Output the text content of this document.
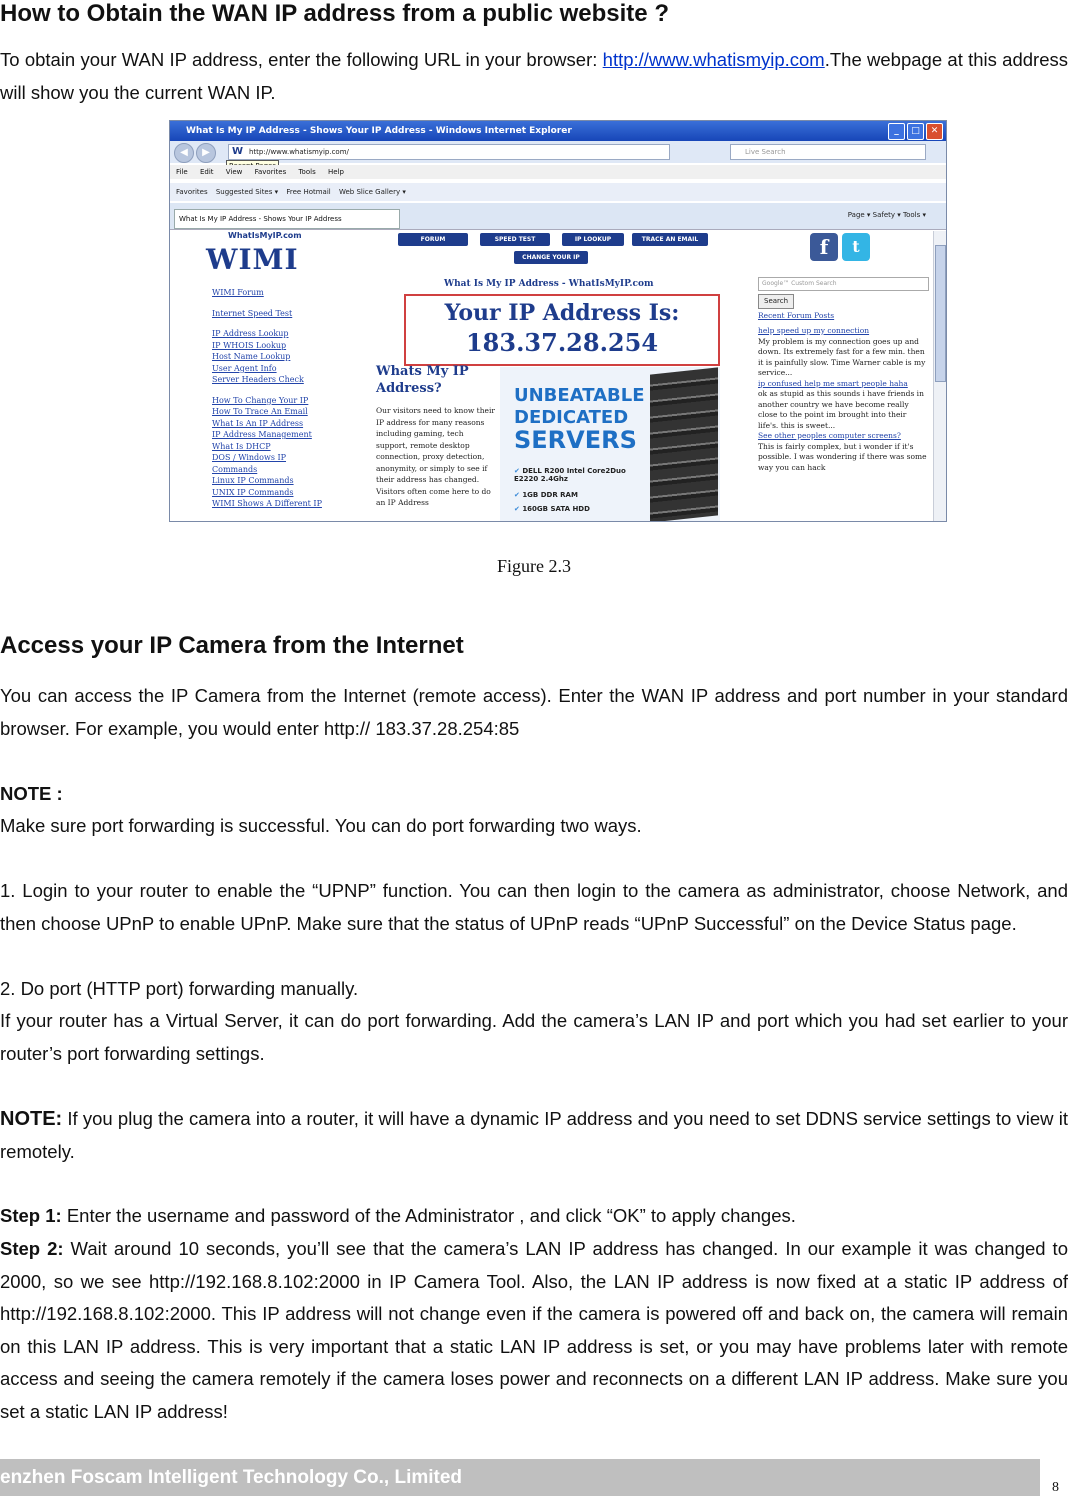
How to Obtain the WAN IP address from a public website ?

To obtain your WAN IP address, enter the following URL in your browser: http://www.whatismyip.com.The webpage at this address will show you the current WAN IP.

What Is My IP Address - Shows Your IP Address - Windows Internet Explorer	_	□	✕
◀	▶	W http://www.whatismyip.com/	Live Search
File Edit View Favorites Tools Help
Favorites Suggested Sites ▾ Free Hotmail Web Slice Gallery ▾
What Is My IP Address - Shows Your IP Address	Page ▾ Safety ▾ Tools ▾
WhatIsMyIP.com
WIMI
WIMI Forum
Internet Speed Test
IP Address Lookup
IP WHOIS Lookup
Host Name Lookup
User Agent Info
Server Headers Check
How To Change Your IP
How To Trace An Email
What Is An IP Address
IP Address Management
What Is DHCP
DOS / Windows IP
Commands
Linux IP Commands
UNIX IP Commands
WIMI Shows A Different IP
FORUM	SPEED TEST	IP LOOKUP	TRACE AN EMAIL
CHANGE YOUR IP	f	t
What Is My IP Address - WhatIsMyIP.com
Your IP Address Is:
183.37.28.254
Whats My IP Address?
Our visitors need to know their IP address for many reasons including gaming, tech support, remote desktop connection, proxy detection, anonymity, or simply to see if their address has changed. Visitors often come here to do an IP Address
UNBEATABLE
DEDICATED
SERVERS
✔ DELL R200 Intel Core2Duo E2220 2.4Ghz
✔ 1GB DDR RAM
✔ 160GB SATA HDD
Google™ Custom Search
Search
Recent Forum Posts
help speed up my connection
My problem is my connection goes up and down. Its extremely fast for a few min. then it is painfully slow. Time Warner cable is my service...
ip confused help me smart people haha
ok as stupid as this sounds i have friends in another country we have become really close to the point im brought into their life's. this is sweet...
See other peoples computer screens?
This is fairly complex, but i wonder if it's possible. I was wondering if there was some way you can hack
Figure 2.3
Access your IP Camera from the Internet

You can access the IP Camera from the Internet (remote access). Enter the WAN IP address and port number in your standard browser. For example, you would enter http:// 183.37.28.254:85

NOTE :

Make sure port forwarding is successful. You can do port forwarding two ways.

1. Login to your router to enable the “UPNP” function. You can then login to the camera as administrator, choose Network, and then choose UPnP to enable UPnP. Make sure that the status of UPnP reads “UPnP Successful” on the Device Status page.

2. Do port (HTTP port) forwarding manually.

If your router has a Virtual Server, it can do port forwarding. Add the camera’s LAN IP and port which you had set earlier to your router’s port forwarding settings.

NOTE: If you plug the camera into a router, it will have a dynamic IP address and you need to set DDNS service settings to view it remotely.

Step 1: Enter the username and password of the Administrator , and click “OK” to apply changes.

Step 2: Wait around 10 seconds, you’ll see that the camera’s LAN IP address has changed. In our example it was changed to 2000, so we see http://192.168.8.102:2000 in IP Camera Tool. Also, the LAN IP address is now fixed at a static IP address of http://192.168.8.102:2000. This IP address will not change even if the camera is powered off and back on, the camera will remain on this LAN IP address. This is very important that a static LAN IP address is set, or you may have problems later with remote access and seeing the camera remotely if the camera loses power and reconnects on a different LAN IP address. Make sure you set a static LAN IP address!

enzhen Foscam Intelligent Technology Co., Limited	8
